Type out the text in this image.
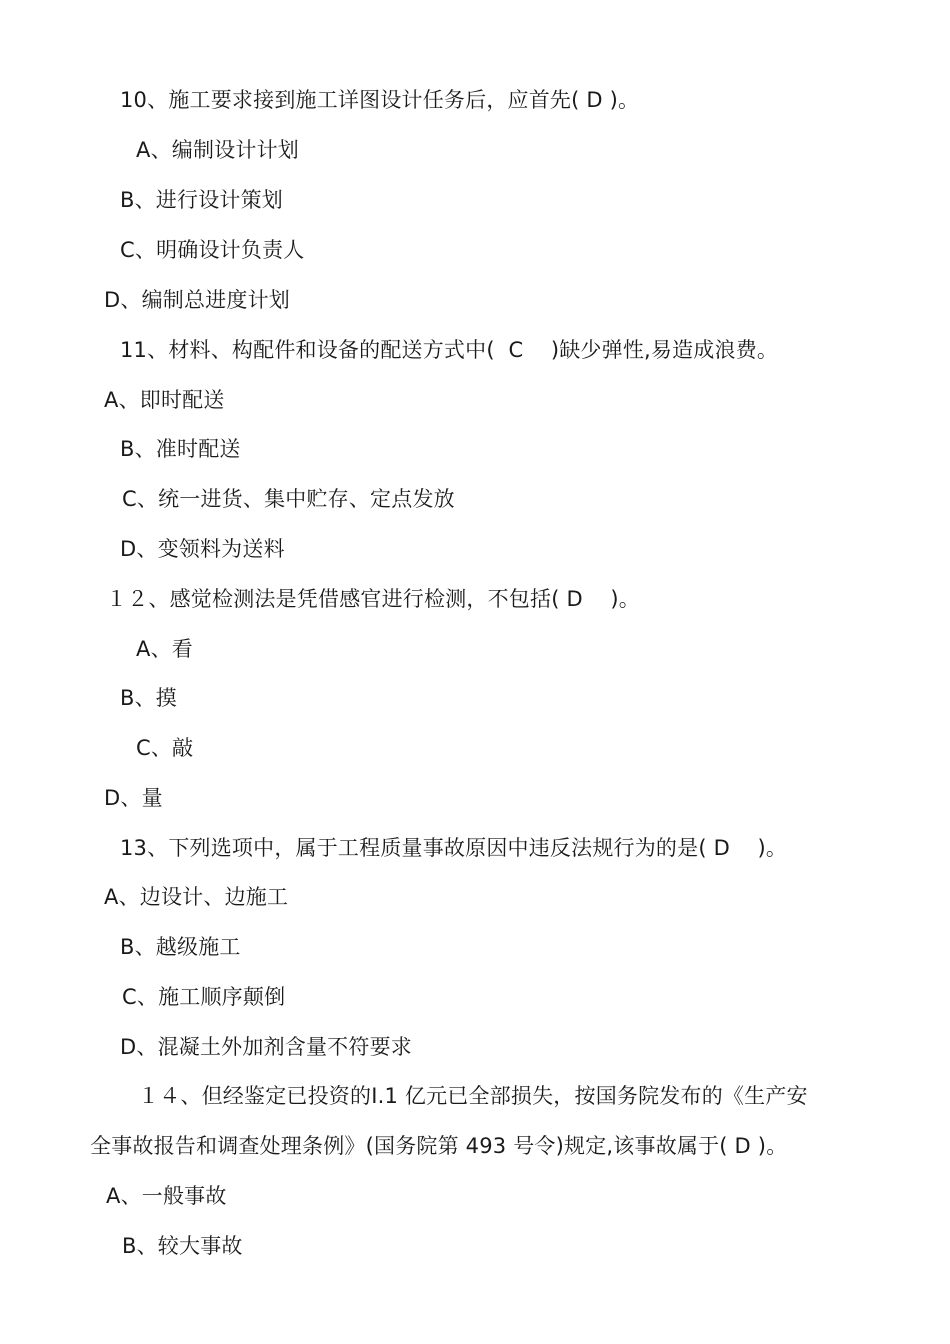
10、施工要求接到施工详图设计任务后，应首先( D )。
A、编制设计计划
B、进行设计策划
C、明确设计负责人
D、编制总进度计划
11、材料、构配件和设备的配送方式中(  C    )缺少弹性,易造成浪费。
A、即时配送
B、准时配送
C、统一进货、集中贮存、定点发放
D、变领料为送料
１２、感觉检测法是凭借感官进行检测，不包括( D    )。
A、看
B、摸
C、敲
D、量
13、下列选项中，属于工程质量事故原因中违反法规行为的是( D    )。
A、边设计、边施工
B、越级施工
C、施工顺序颠倒
D、混凝土外加剂含量不符要求
１４、但经鉴定已投资的Ⅰ.1 亿元已全部损失，按国务院发布的《生产安
全事故报告和调查处理条例》(国务院第 493 号令)规定,该事故属于( D )。
A、一般事故
B、较大事故
